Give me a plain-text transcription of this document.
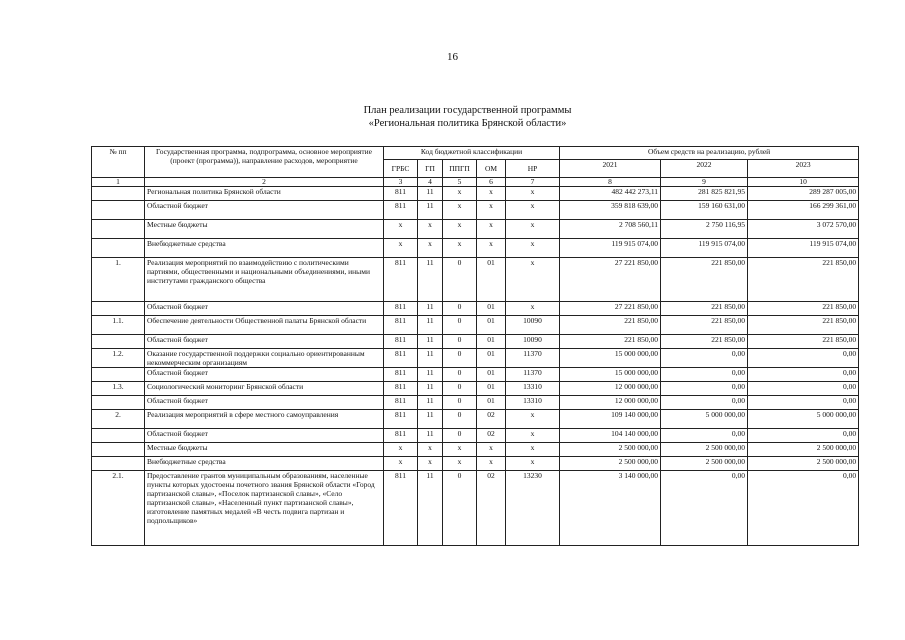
16
План реализации государственной программы
«Региональная политика Брянской области»
№ пп	Государственная программа, подпрограмма, основное мероприятие (проект (программа)), направление расходов, мероприятие	Код бюджетной классификации					Объем средств на реализацию, рублей		
		ГРБС	ГП	ППГП	ОМ	НР	2021	2022	2023
1	2	3	4	5	6	7	8	9	10
	Региональная политика Брянской области	811	11	x	x	x	482 442 273,11	281 825 821,95	289 287 005,00
	Областной бюджет	811	11	x	x	x	359 818 639,00	159 160 631,00	166 299 361,00
	Местные бюджеты	x	x	x	x	x	2 708 560,11	2 750 116,95	3 072 570,00
	Внебюджетные средства	x	x	x	x	x	119 915 074,00	119 915 074,00	119 915 074,00
1.	Реализация мероприятий по взаимодействию с политическими партиями, общественными и национальными объединениями, иными институтами гражданского общества	811	11	0	01	x	27 221 850,00	221 850,00	221 850,00
	Областной бюджет	811	11	0	01	x	27 221 850,00	221 850,00	221 850,00
1.1.	Обеспечение деятельности Общественной палаты Брянской области	811	11	0	01	10090	221 850,00	221 850,00	221 850,00
	Областной бюджет	811	11	0	01	10090	221 850,00	221 850,00	221 850,00
1.2.	Оказание государственной поддержки социально ориентированным некоммерческим организациям	811	11	0	01	11370	15 000 000,00	0,00	0,00
	Областной бюджет	811	11	0	01	11370	15 000 000,00	0,00	0,00
1.3.	Социологический мониторинг Брянской области	811	11	0	01	13310	12 000 000,00	0,00	0,00
	Областной бюджет	811	11	0	01	13310	12 000 000,00	0,00	0,00
2.	Реализация мероприятий в сфере местного самоуправления	811	11	0	02	x	109 140 000,00	5 000 000,00	5 000 000,00
	Областной бюджет	811	11	0	02	x	104 140 000,00	0,00	0,00
	Местные бюджеты	x	x	x	x	x	2 500 000,00	2 500 000,00	2 500 000,00
	Внебюджетные средства	x	x	x	x	x	2 500 000,00	2 500 000,00	2 500 000,00
2.1.	Предоставление грантов муниципальным образованиям, населенные пункты которых удостоены почетного звания Брянской области «Город партизанской славы», «Поселок партизанской славы», «Село партизанской славы», «Населенный пункт партизанской славы», изготовление памятных медалей «В честь подвига партизан и подпольщиков»	811	11	0	02	13230	3 140 000,00	0,00	0,00
